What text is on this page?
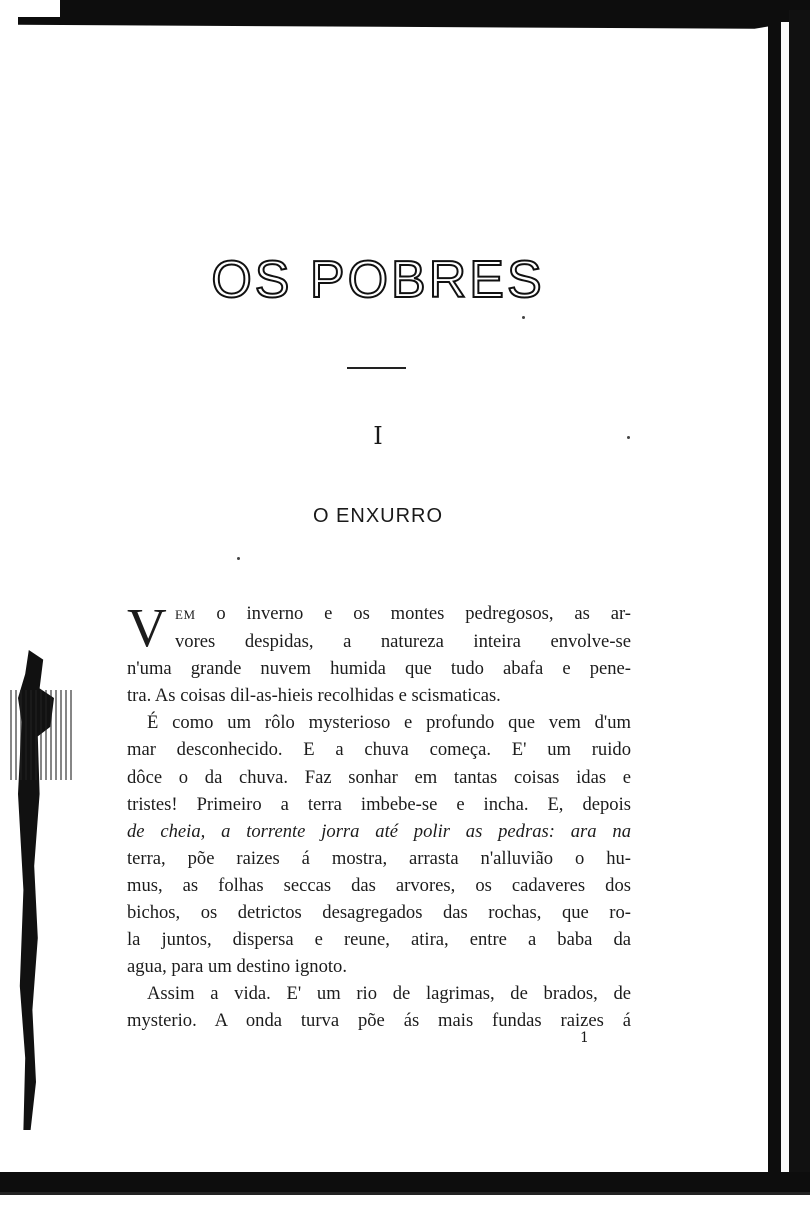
OS POBRES
I
O ENXURRO
V EM o inverno e os montes pedregosos, as ar-
vores despidas, a natureza inteira envolve-se
n'uma grande nuvem humida que tudo abafa e pene-
tra. As coisas dil-as-hieis recolhidas e scismaticas.
É como um rôlo mysterioso e profundo que vem d'um
mar desconhecido. E a chuva começa. E' um ruido
dôce o da chuva. Faz sonhar em tantas coisas idas e
tristes! Primeiro a terra imbebe-se e incha. E, depois
de cheia, a torrente jorra até polir as pedras: ara na
terra, põe raizes á mostra, arrasta n'alluvião o hu-
mus, as folhas seccas das arvores, os cadaveres dos
bichos, os detrictos desagregados das rochas, que ro-
la juntos, dispersa e reune, atira, entre a baba da
agua, para um destino ignoto.
Assim a vida. E' um rio de lagrimas, de brados, de
mysterio. A onda turva põe ás mais fundas raizes á
1
